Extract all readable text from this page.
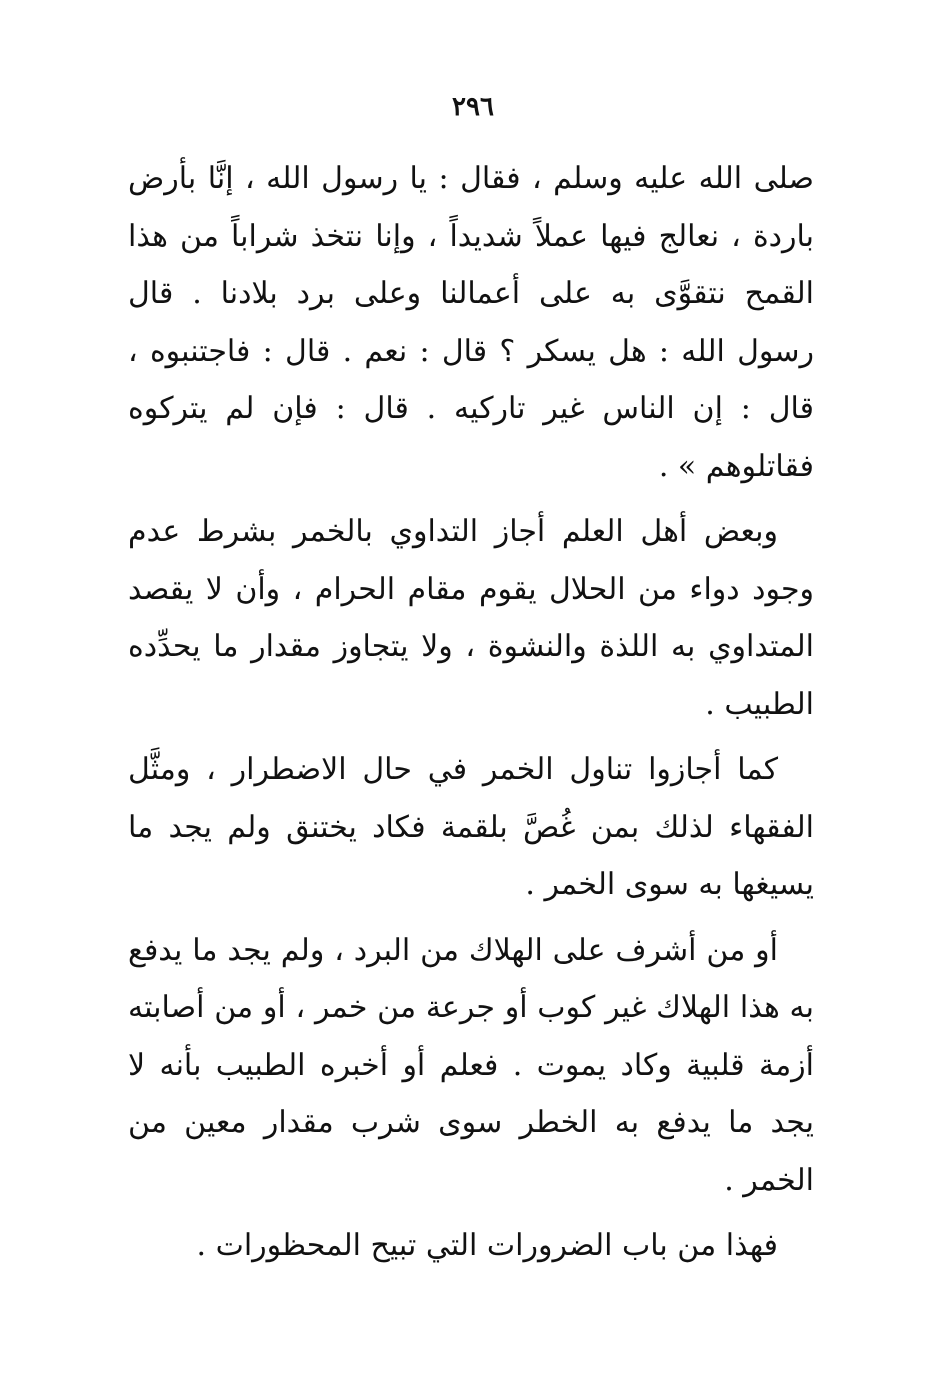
٢٩٦

صلى الله عليه وسلم ، فقال : يا رسول الله ، إنَّا بأرض باردة ، نعالج فيها عملاً شديداً ، وإنا نتخذ شراباً من هذا القمح نتقوَّى به على أعمالنا وعلى برد بلادنا . قال رسول الله : هل يسكر ؟ قال : نعم . قال : فاجتنبوه ، قال : إن الناس غير تاركيه . قال : فإن لم يتركوه فقاتلوهم » .

وبعض أهل العلم أجاز التداوي بالخمر بشرط عدم وجود دواء من الحلال يقوم مقام الحرام ، وأن لا يقصد المتداوي به اللذة والنشوة ، ولا يتجاوز مقدار ما يحدِّده الطبيب .

كما أجازوا تناول الخمر في حال الاضطرار ، ومثَّل الفقهاء لذلك بمن غُصَّ بلقمة فكاد يختنق ولم يجد ما يسيغها به سوى الخمر .

أو من أشرف على الهلاك من البرد ، ولم يجد ما يدفع به هذا الهلاك غير كوب أو جرعة من خمر ، أو من أصابته أزمة قلبية وكاد يموت . فعلم أو أخبره الطبيب بأنه لا يجد ما يدفع به الخطر سوى شرب مقدار معين من الخمر .

فهذا من باب الضرورات التي تبيح المحظورات .
